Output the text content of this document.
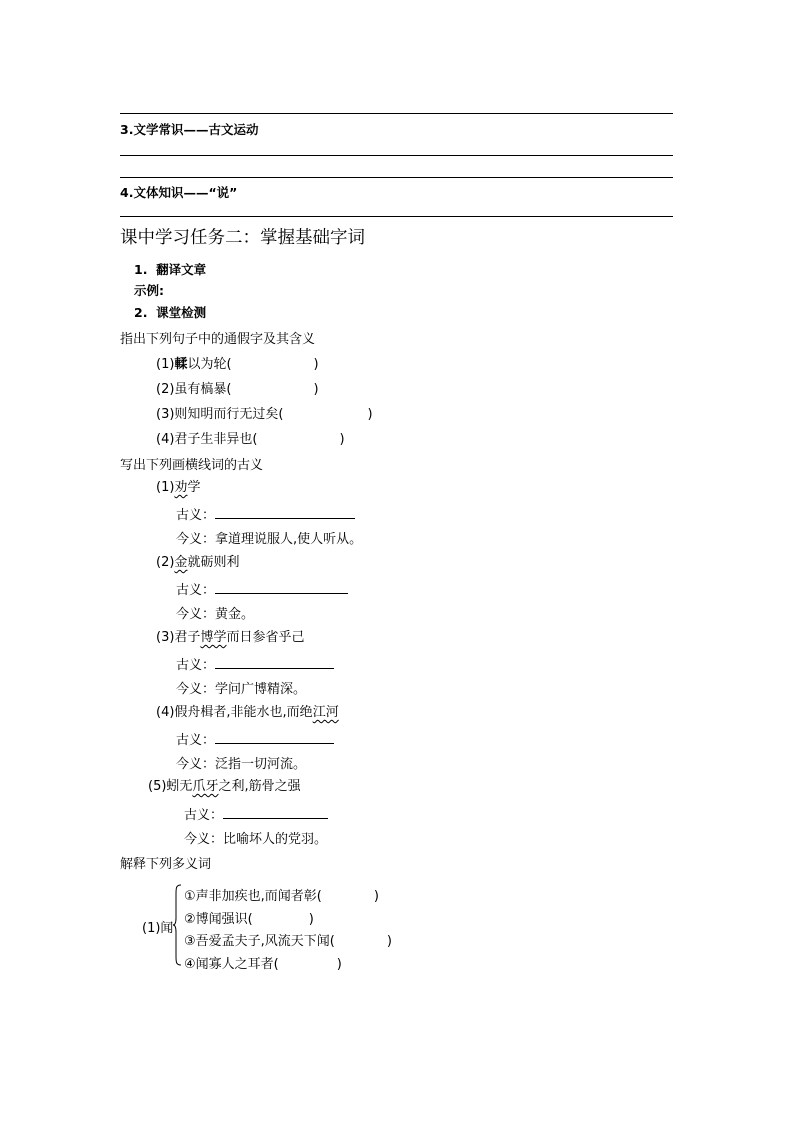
3.文学常识——古文运动
4.文体知识——“说”
课中学习任务二：掌握基础字词
1.  翻译文章
示例:
2.  课堂检测
指出下列句子中的通假字及其含义
(1)輮以为轮(	)
(2)虽有槁暴(	)
(3)则知明而行无过矣(	)
(4)君子生非异也(	)
写出下列画横线词的古义
(1)劝学
古义：
今义：拿道理说服人,使人听从。
(2)金就砺则利
古义：
今义：黄金。
(3)君子博学而日参省乎己
古义：
今义：学问广博精深。
(4)假舟楫者,非能水也,而绝江河
古义：
今义：泛指一切河流。
(5)蚓无爪牙之利,筋骨之强
古义：
今义：比喻坏人的党羽。
解释下列多义词
(1)闻
①声非加疾也,而闻者彰(	)
②博闻强识(	)
③吾爱孟夫子,风流天下闻(	)
④闻寡人之耳者(	)
